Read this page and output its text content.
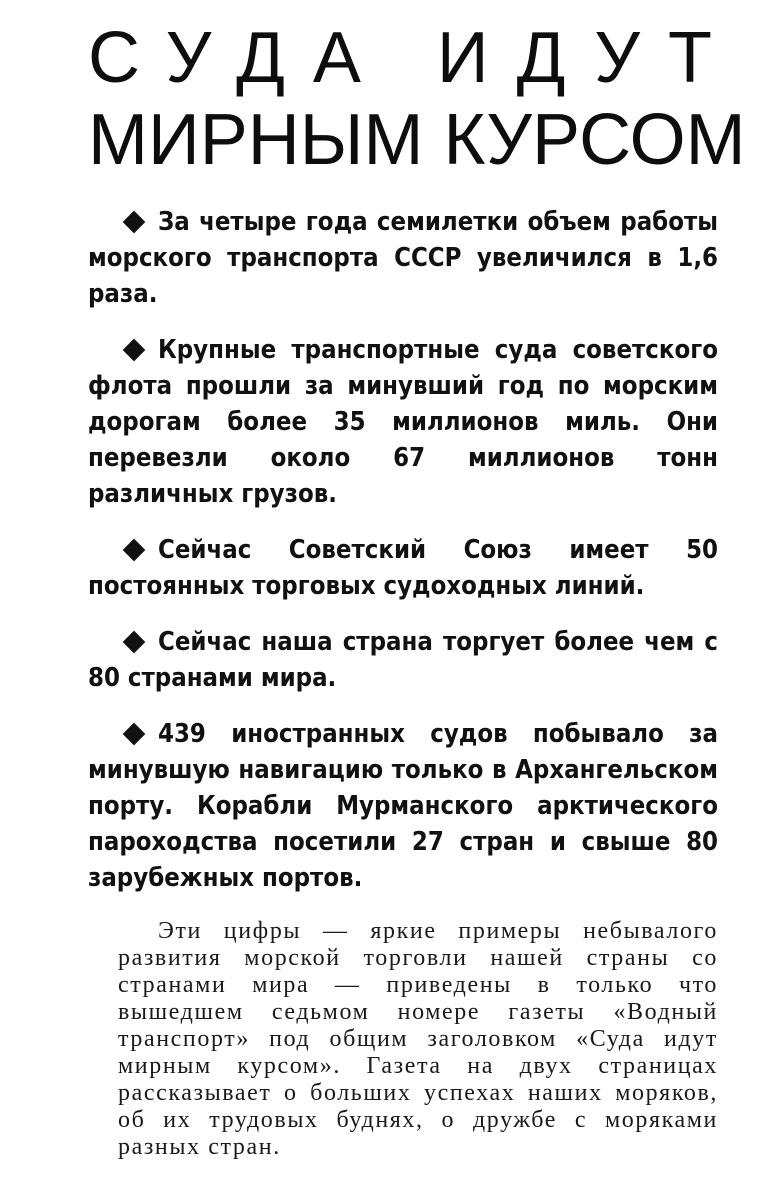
СУДА ИДУТ
МИРНЫМ КУРСОМ

За четыре года семилетки объем работы морского транспорта СССР увеличился в 1,6 раза.

Крупные транспортные суда советского флота прошли за минувший год по морским дорогам более 35 миллионов миль. Они перевезли около 67 миллионов тонн различных грузов.

Сейчас Советский Союз имеет 50 постоянных торговых судоходных линий.

Сейчас наша страна торгует более чем с 80 странами мира.

439 иностранных судов побывало за минувшую навигацию только в Архангельском порту. Корабли Мурманского арктического пароходства посетили 27 стран и свыше 80 зарубежных портов.

Эти цифры — яркие примеры небывалого развития морской торговли нашей страны со странами мира — приведены в только что вышедшем седьмом номере газеты «Водный транспорт» под общим заголовком «Суда идут мирным курсом». Газета на двух страницах рассказывает о больших успехах наших моряков, об их трудовых буднях, о дружбе с моряками разных стран.
